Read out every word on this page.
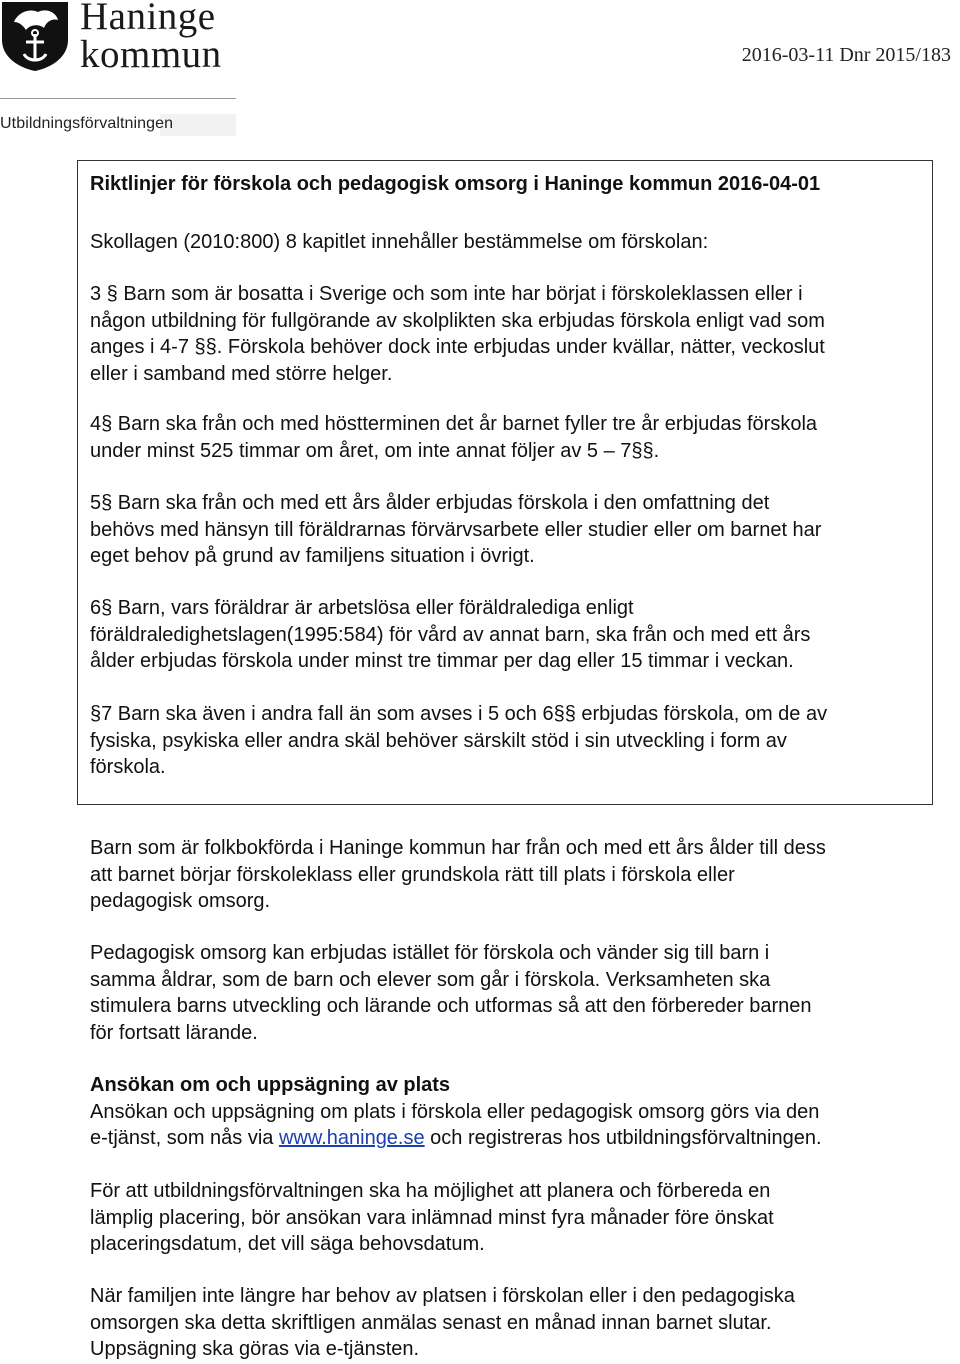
Haninge
kommun
Utbildningsförvaltningen
2016-03-11 Dnr 2015/183

Riktlinjer för förskola och pedagogisk omsorg i Haninge kommun 2016-04-01

Skollagen (2010:800) 8 kapitlet innehåller bestämmelse om förskolan:

3 § Barn som är bosatta i Sverige och som inte har börjat i förskoleklassen eller i
någon utbildning för fullgörande av skolplikten ska erbjudas förskola enligt vad som
anges i 4-7 §§. Förskola behöver dock inte erbjudas under kvällar, nätter, veckoslut
eller i samband med större helger.

4§ Barn ska från och med höstterminen det år barnet fyller tre år erbjudas förskola
under minst 525 timmar om året, om inte annat följer av 5 – 7§§.

5§ Barn ska från och med ett års ålder erbjudas förskola i den omfattning det
behövs med hänsyn till föräldrarnas förvärvsarbete eller studier eller om barnet har
eget behov på grund av familjens situation i övrigt.

6§ Barn, vars föräldrar är arbetslösa eller föräldralediga enligt
föräldraledighetslagen(1995:584) för vård av annat barn, ska från och med ett års
ålder erbjudas förskola under minst tre timmar per dag eller 15 timmar i veckan.

§7 Barn ska även i andra fall än som avses i 5 och 6§§ erbjudas förskola, om de av
fysiska, psykiska eller andra skäl behöver särskilt stöd i sin utveckling i form av
förskola.

Barn som är folkbokförda i Haninge kommun har från och med ett års ålder till dess
att barnet börjar förskoleklass eller grundskola rätt till plats i förskola eller
pedagogisk omsorg.

Pedagogisk omsorg kan erbjudas istället för förskola och vänder sig till barn i
samma åldrar, som de barn och elever som går i förskola. Verksamheten ska
stimulera barns utveckling och lärande och utformas så att den förbereder barnen
för fortsatt lärande.

Ansökan om och uppsägning av plats
Ansökan och uppsägning om plats i förskola eller pedagogisk omsorg görs via den
e-tjänst, som nås via www.haninge.se och registreras hos utbildningsförvaltningen.

För att utbildningsförvaltningen ska ha möjlighet att planera och förbereda en
lämplig placering, bör ansökan vara inlämnad minst fyra månader före önskat
placeringsdatum, det vill säga behovsdatum.

När familjen inte längre har behov av platsen i förskolan eller i den pedagogiska
omsorgen ska detta skriftligen anmälas senast en månad innan barnet slutar.
Uppsägning ska göras via e-tjänsten.
